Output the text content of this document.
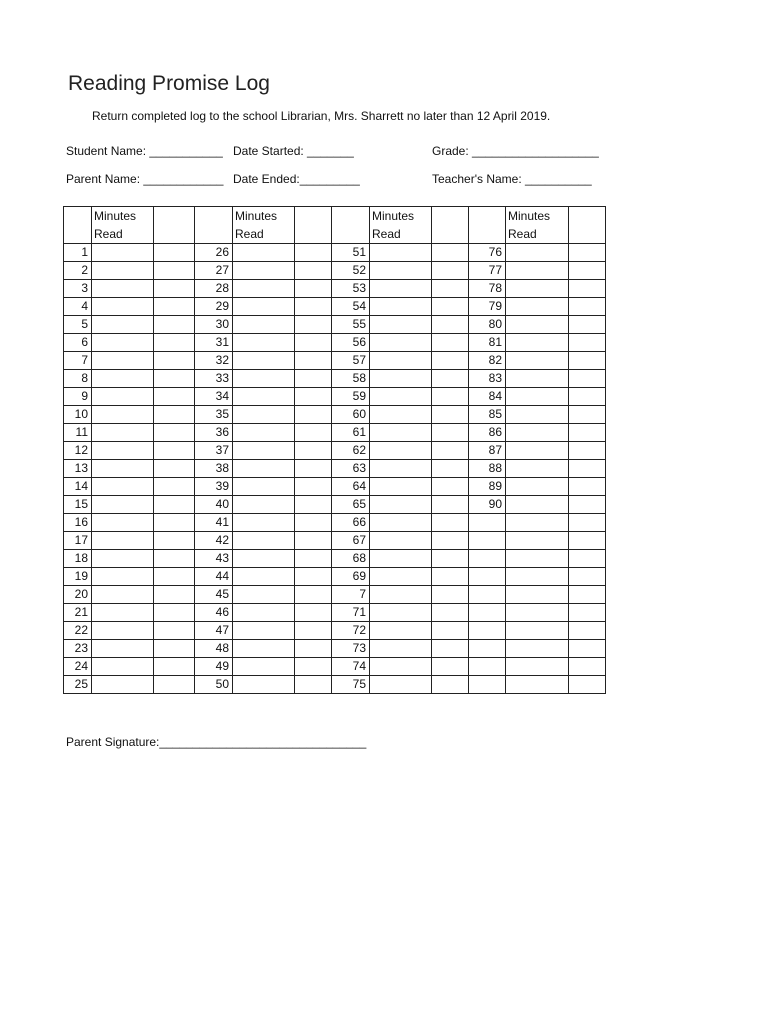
Reading Promise Log
Return completed log to the school Librarian, Mrs. Sharrett no later than 12 April 2019.
Student Name: ___________ Date Started: _______	Grade: ___________________
Parent Name: ____________ Date Ended:_________	Teacher's Name: __________
	Minutes
Read			Minutes
Read			Minutes
Read			Minutes
Read	
1			26			51			76		
2			27			52			77		
3			28			53			78		
4			29			54			79		
5			30			55			80		
6			31			56			81		
7			32			57			82		
8			33			58			83		
9			34			59			84		
10			35			60			85		
11			36			61			86		
12			37			62			87		
13			38			63			88		
14			39			64			89		
15			40			65			90		
16			41			66					
17			42			67					
18			43			68					
19			44			69					
20			45			7					
21			46			71					
22			47			72					
23			48			73					
24			49			74					
25			50			75					
Parent Signature:_______________________________
